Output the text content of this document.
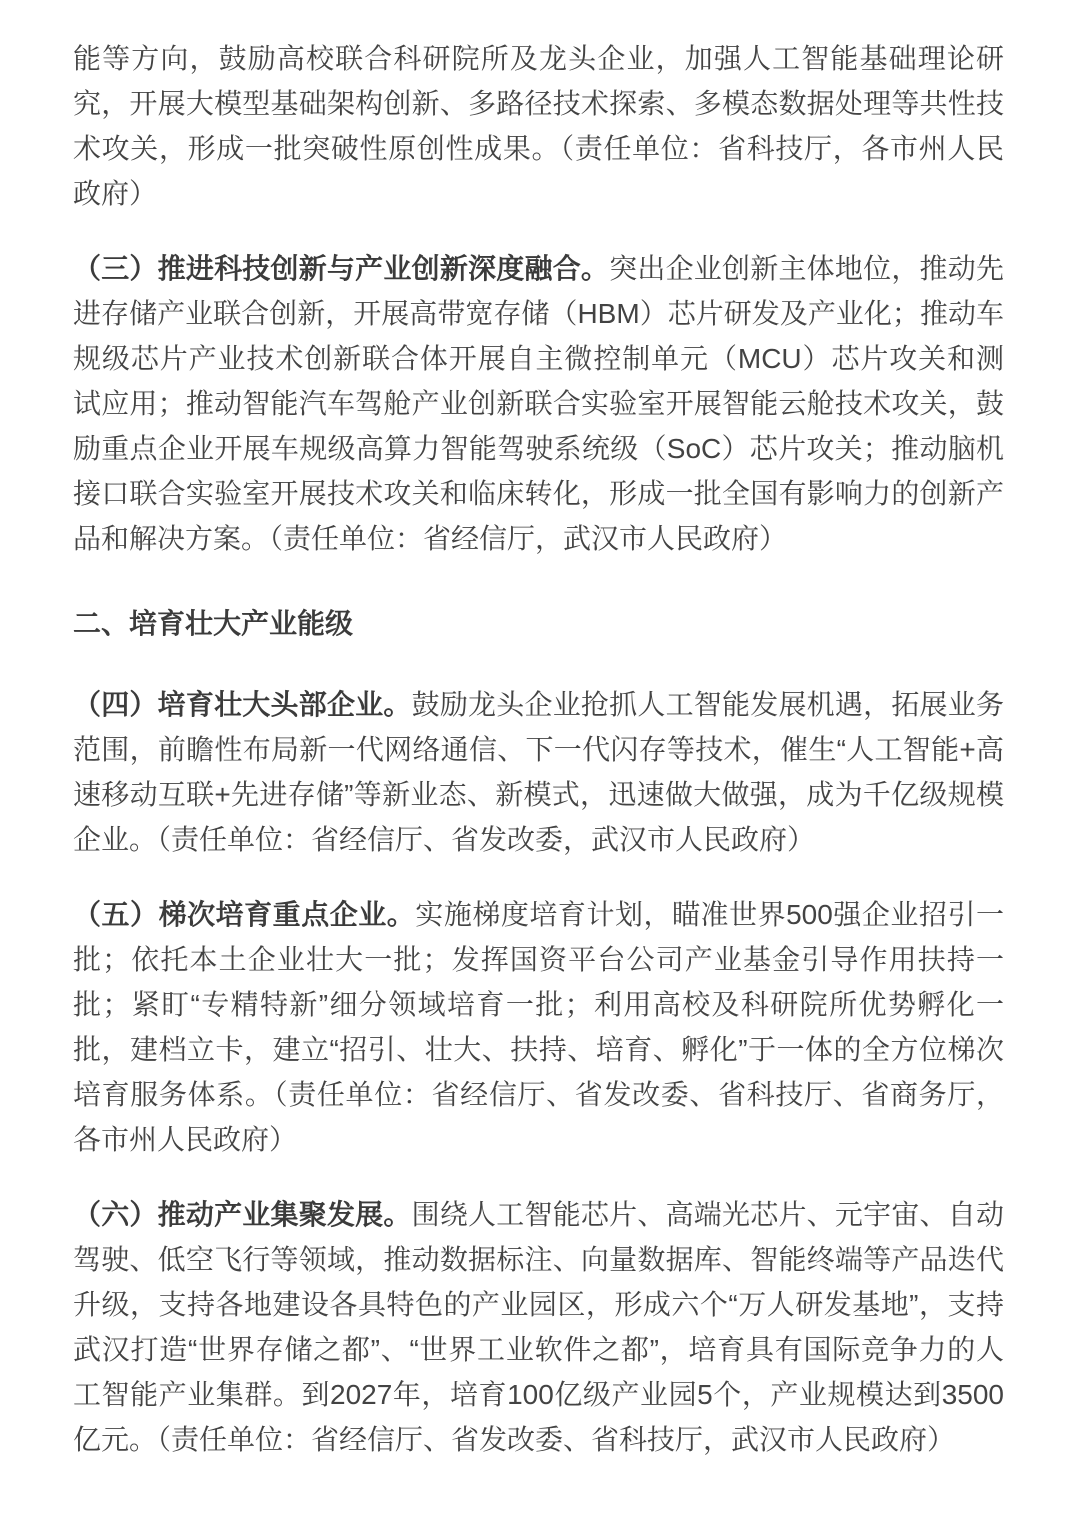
能等方向，鼓励高校联合科研院所及龙头企业，加强人工智能基础理论研究，开展大模型基础架构创新、多路径技术探索、多模态数据处理等共性技术攻关，形成一批突破性原创性成果。（责任单位：省科技厅，各市州人民政府）

（三）推进科技创新与产业创新深度融合。突出企业创新主体地位，推动先进存储产业联合创新，开展高带宽存储（HBM）芯片研发及产业化；推动车规级芯片产业技术创新联合体开展自主微控制单元（MCU）芯片攻关和测试应用；推动智能汽车驾舱产业创新联合实验室开展智能云舱技术攻关，鼓励重点企业开展车规级高算力智能驾驶系统级（SoC）芯片攻关；推动脑机接口联合实验室开展技术攻关和临床转化，形成一批全国有影响力的创新产品和解决方案。（责任单位：省经信厅，武汉市人民政府）

二、培育壮大产业能级

（四）培育壮大头部企业。鼓励龙头企业抢抓人工智能发展机遇，拓展业务范围，前瞻性布局新一代网络通信、下一代闪存等技术，催生“人工智能+高速移动互联+先进存储”等新业态、新模式，迅速做大做强，成为千亿级规模企业。（责任单位：省经信厅、省发改委，武汉市人民政府）

（五）梯次培育重点企业。实施梯度培育计划，瞄准世界500强企业招引一批；依托本土企业壮大一批；发挥国资平台公司产业基金引导作用扶持一批；紧盯“专精特新”细分领域培育一批；利用高校及科研院所优势孵化一批，建档立卡，建立“招引、壮大、扶持、培育、孵化”于一体的全方位梯次培育服务体系。（责任单位：省经信厅、省发改委、省科技厅、省商务厅，各市州人民政府）

（六）推动产业集聚发展。围绕人工智能芯片、高端光芯片、元宇宙、自动驾驶、低空飞行等领域，推动数据标注、向量数据库、智能终端等产品迭代升级，支持各地建设各具特色的产业园区，形成六个“万人研发基地”，支持武汉打造“世界存储之都”、“世界工业软件之都”，培育具有国际竞争力的人工智能产业集群。到2027年，培育100亿级产业园5个，产业规模达到3500亿元。（责任单位：省经信厅、省发改委、省科技厅，武汉市人民政府）
